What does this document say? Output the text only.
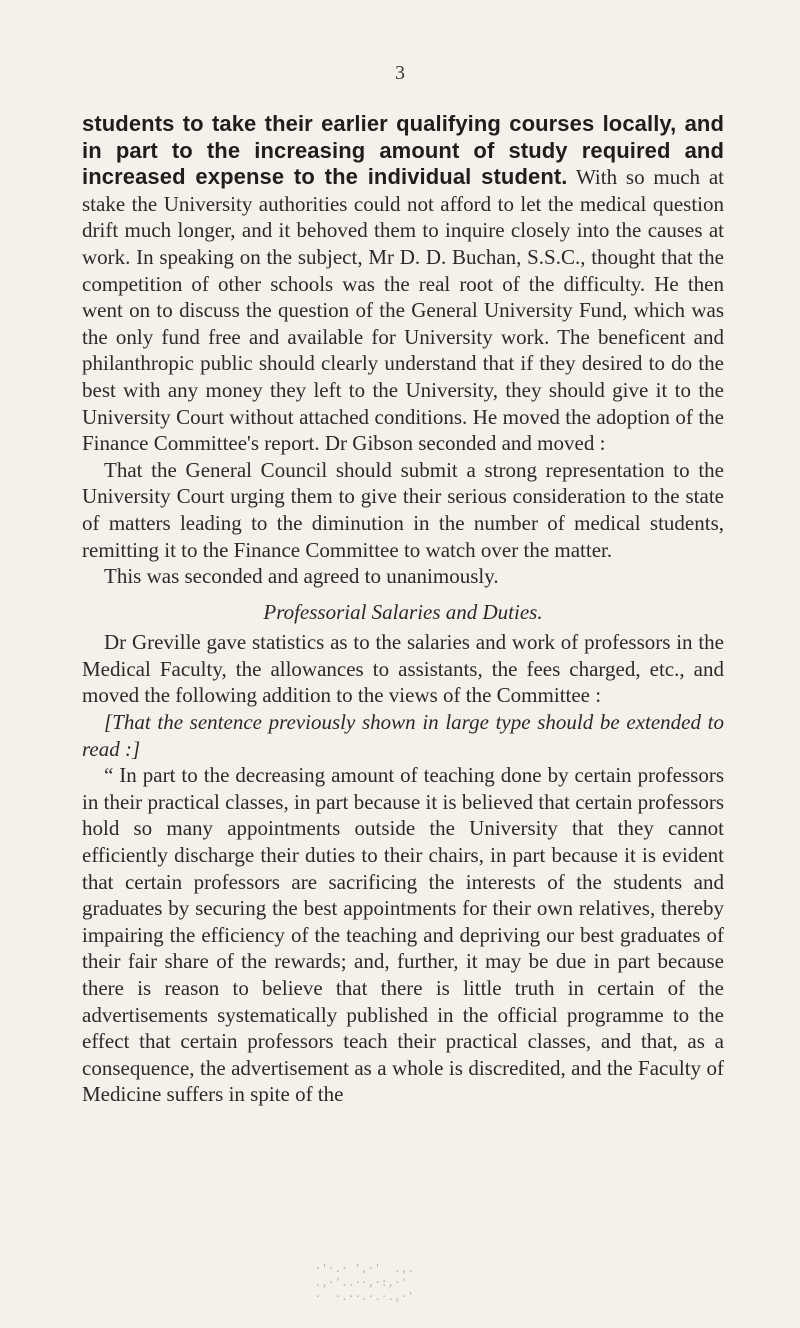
3

students to take their earlier qualifying courses locally, and in part to the increasing amount of study required and increased expense to the individual student. With so much at stake the University authorities could not afford to let the medical question drift much longer, and it behoved them to inquire closely into the causes at work. In speaking on the subject, Mr D. D. Buchan, S.S.C., thought that the competition of other schools was the real root of the difficulty. He then went on to discuss the question of the General University Fund, which was the only fund free and available for University work. The beneficent and philanthropic public should clearly understand that if they desired to do the best with any money they left to the University, they should give it to the University Court without attached conditions. He moved the adoption of the Finance Committee's report. Dr Gibson seconded and moved :

That the General Council should submit a strong representation to the University Court urging them to give their serious consideration to the state of matters leading to the diminution in the number of medical students, remitting it to the Finance Committee to watch over the matter.

This was seconded and agreed to unanimously.

Professorial Salaries and Duties.

Dr Greville gave statistics as to the salaries and work of professors in the Medical Faculty, the allowances to assistants, the fees charged, etc., and moved the following addition to the views of the Committee :

[That the sentence previously shown in large type should be extended to read :]

“ In part to the decreasing amount of teaching done by certain professors in their practical classes, in part because it is believed that certain professors hold so many appointments outside the University that they cannot efficiently discharge their duties to their chairs, in part because it is evident that certain professors are sacrificing the interests of the students and graduates by securing the best appointments for their own relatives, thereby impairing the efficiency of the teaching and depriving our best graduates of their fair share of the rewards; and, further, it may be due in part because there is reason to believe that there is little truth in certain of the advertisements systematically published in the official programme to the effect that certain professors teach their practical classes, and that, as a consequence, the advertisement as a whole is discredited, and the Faculty of Medicine suffers in spite of the

·'·.· ',·'  .,.
.,·'..··,·:,·'
·  ·.··.·.·.,·'
